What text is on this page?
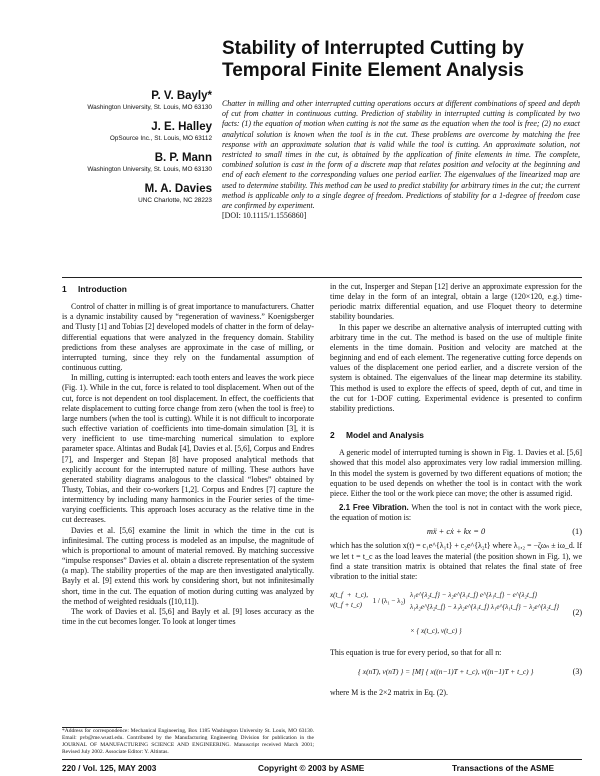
Stability of Interrupted Cutting by
Temporal Finite Element Analysis
P. V. Bayly*
Washington University, St. Louis, MO 63130
J. E. Halley
OpSource Inc., St. Louis, MO 63112
B. P. Mann
Washington University, St. Louis, MO 63130
M. A. Davies
UNC Charlotte, NC 28223
Chatter in milling and other interrupted cutting operations occurs at different combinations of speed and depth of cut from chatter in continuous cutting. Prediction of stability in interrupted cutting is complicated by two facts: (1) the equation of motion when cutting is not the same as the equation when the tool is free; (2) no exact analytical solution is known when the tool is in the cut. These problems are overcome by matching the free response with an approximate solution that is valid while the tool is cutting. An approximate solution, not restricted to small times in the cut, is obtained by the application of finite elements in time. The complete, combined solution is cast in the form of a discrete map that relates position and velocity at the beginning and end of each element to the corresponding values one period earlier. The eigenvalues of the linearized map are used to determine stability. This method can be used to predict stability for arbitrary times in the cut; the current method is applicable only to a single degree of freedom. Predictions of stability for a 1-degree of freedom case are confirmed by experiment.
[DOI: 10.1115/1.1556860]
1 Introduction

Control of chatter in milling is of great importance to manufacturers. Chatter is a dynamic instability caused by “regeneration of waviness.” Koenigsberger and Tlusty [1] and Tobias [2] developed models of chatter in the form of delay-differential equations that were analyzed in the frequency domain. Stability predictions from these analyses are approximate in the case of milling, or interrupted turning, since they rely on the fundamental assumption of continuous cutting.

In milling, cutting is interrupted: each tooth enters and leaves the work piece (Fig. 1). While in the cut, force is related to tool displacement. When out of the cut, force is not dependent on tool displacement. In effect, the coefficients that relate displacement to cutting force change from zero (when the tool is free) to large numbers (when the tool is cutting). While it is not difficult to incorporate such effective variation of coefficients into time-domain simulation [3], it is very inefficient to use time-marching numerical simulation to explore parameter space. Altintas and Budak [4], Davies et al. [5,6], Corpus and Endres [7], and Insperger and Stepan [8] have proposed analytical methods that explicitly account for the interrupted nature of milling. These authors have generated stability diagrams analogous to the classical “lobes” obtained by Tlusty, Tobias, and their co-workers [1,2]. Corpus and Endres [7] capture the intermittency by including many harmonics in the Fourier series of the time-varying coefficients. This approach loses accuracy as the relative time in the cut decreases.

Davies et al. [5,6] examine the limit in which the time in the cut is infinitesimal. The cutting process is modeled as an impulse, the magnitude of which is proportional to amount of material removed. By matching successive “impulse responses” Davies et al. obtain a discrete representation of the system (a map). The stability properties of the map are then investigated analytically. Bayly et al. [9] extend this work by considering short, but not infinitesimally short, time in the cut. The equation of motion during cutting was analyzed by the method of weighted residuals ([10,11]).

The work of Davies et al. [5,6] and Bayly et al. [9] loses accuracy as the time in the cut becomes longer. To look at longer times

in the cut, Insperger and Stepan [12] derive an approximate expression for the time delay in the form of an integral, obtain a large (120×120, e.g.) time-periodic matrix differential equation, and use Floquet theory to determine stability boundaries.

In this paper we describe an alternative analysis of interrupted cutting with arbitrary time in the cut. The method is based on the use of multiple finite elements in the time domain. Position and velocity are matched at the beginning and end of each element. The regenerative cutting force depends on values of the displacement one period earlier, and a discrete version of the system is obtained. The eigenvalues of the linear map determine its stability. This method is used to explore the effects of speed, depth of cut, and time in the cut for 1-DOF cutting. Experimental evidence is presented to confirm stability predictions.

2 Model and Analysis

A generic model of interrupted turning is shown in Fig. 1. Davies et al. [5,6] showed that this model also approximates very low radial immersion milling. In this model the system is governed by two different equations of motion; the equation to be used depends on whether the tool is in contact with the work piece. Either the tool or the work piece can move; the other is assumed rigid.

2.1 Free Vibration. When the tool is not in contact with the work piece, the equation of motion is:

mẍ + cẋ + kx = 0	(1)

which has the solution x(t) = c₁e^{λ₁t} + c₂e^{λ₂t} where λ₁,₂ = −ζωₙ ± iω_d. If we let t = t_c as the load leaves the material (the position shown in Fig. 1), we find a state transition matrix is obtained that relates the final state of free vibration to the initial state:

x(t_f + t_c), v(t_f + t_c)
1 / (λ₁ − λ₂)
λ₁e^{λ₂t_f} − λ₂e^{λ₁t_f} e^{λ₁t_f} − e^{λ₂t_f}
λ₁λ₂e^{λ₂t_f} − λ₁λ₂e^{λ₁t_f} λ₁e^{λ₁t_f} − λ₂e^{λ₂t_f}
× { x(t_c), v(t_c) }
(2)

This equation is true for every period, so that for all n:

{ x(nT), v(nT) } = [M] { x((n−1)T + t_c), v((n−1)T + t_c) }	(3)

where M is the 2×2 matrix in Eq. (2).

*Address for correspondence: Mechanical Engineering, Box 1185 Washington University St. Louis, MO 63130. Email: pvb@me.wustl.edu. Contributed by the Manufacturing Engineering Division for publication in the JOURNAL OF MANUFACTURING SCIENCE AND ENGINEERING. Manuscript received March 2001; Revised July 2002. Associate Editor: Y. Altintas.
220 / Vol. 125, MAY 2003	Copyright © 2003 by ASME	Transactions of the ASME
